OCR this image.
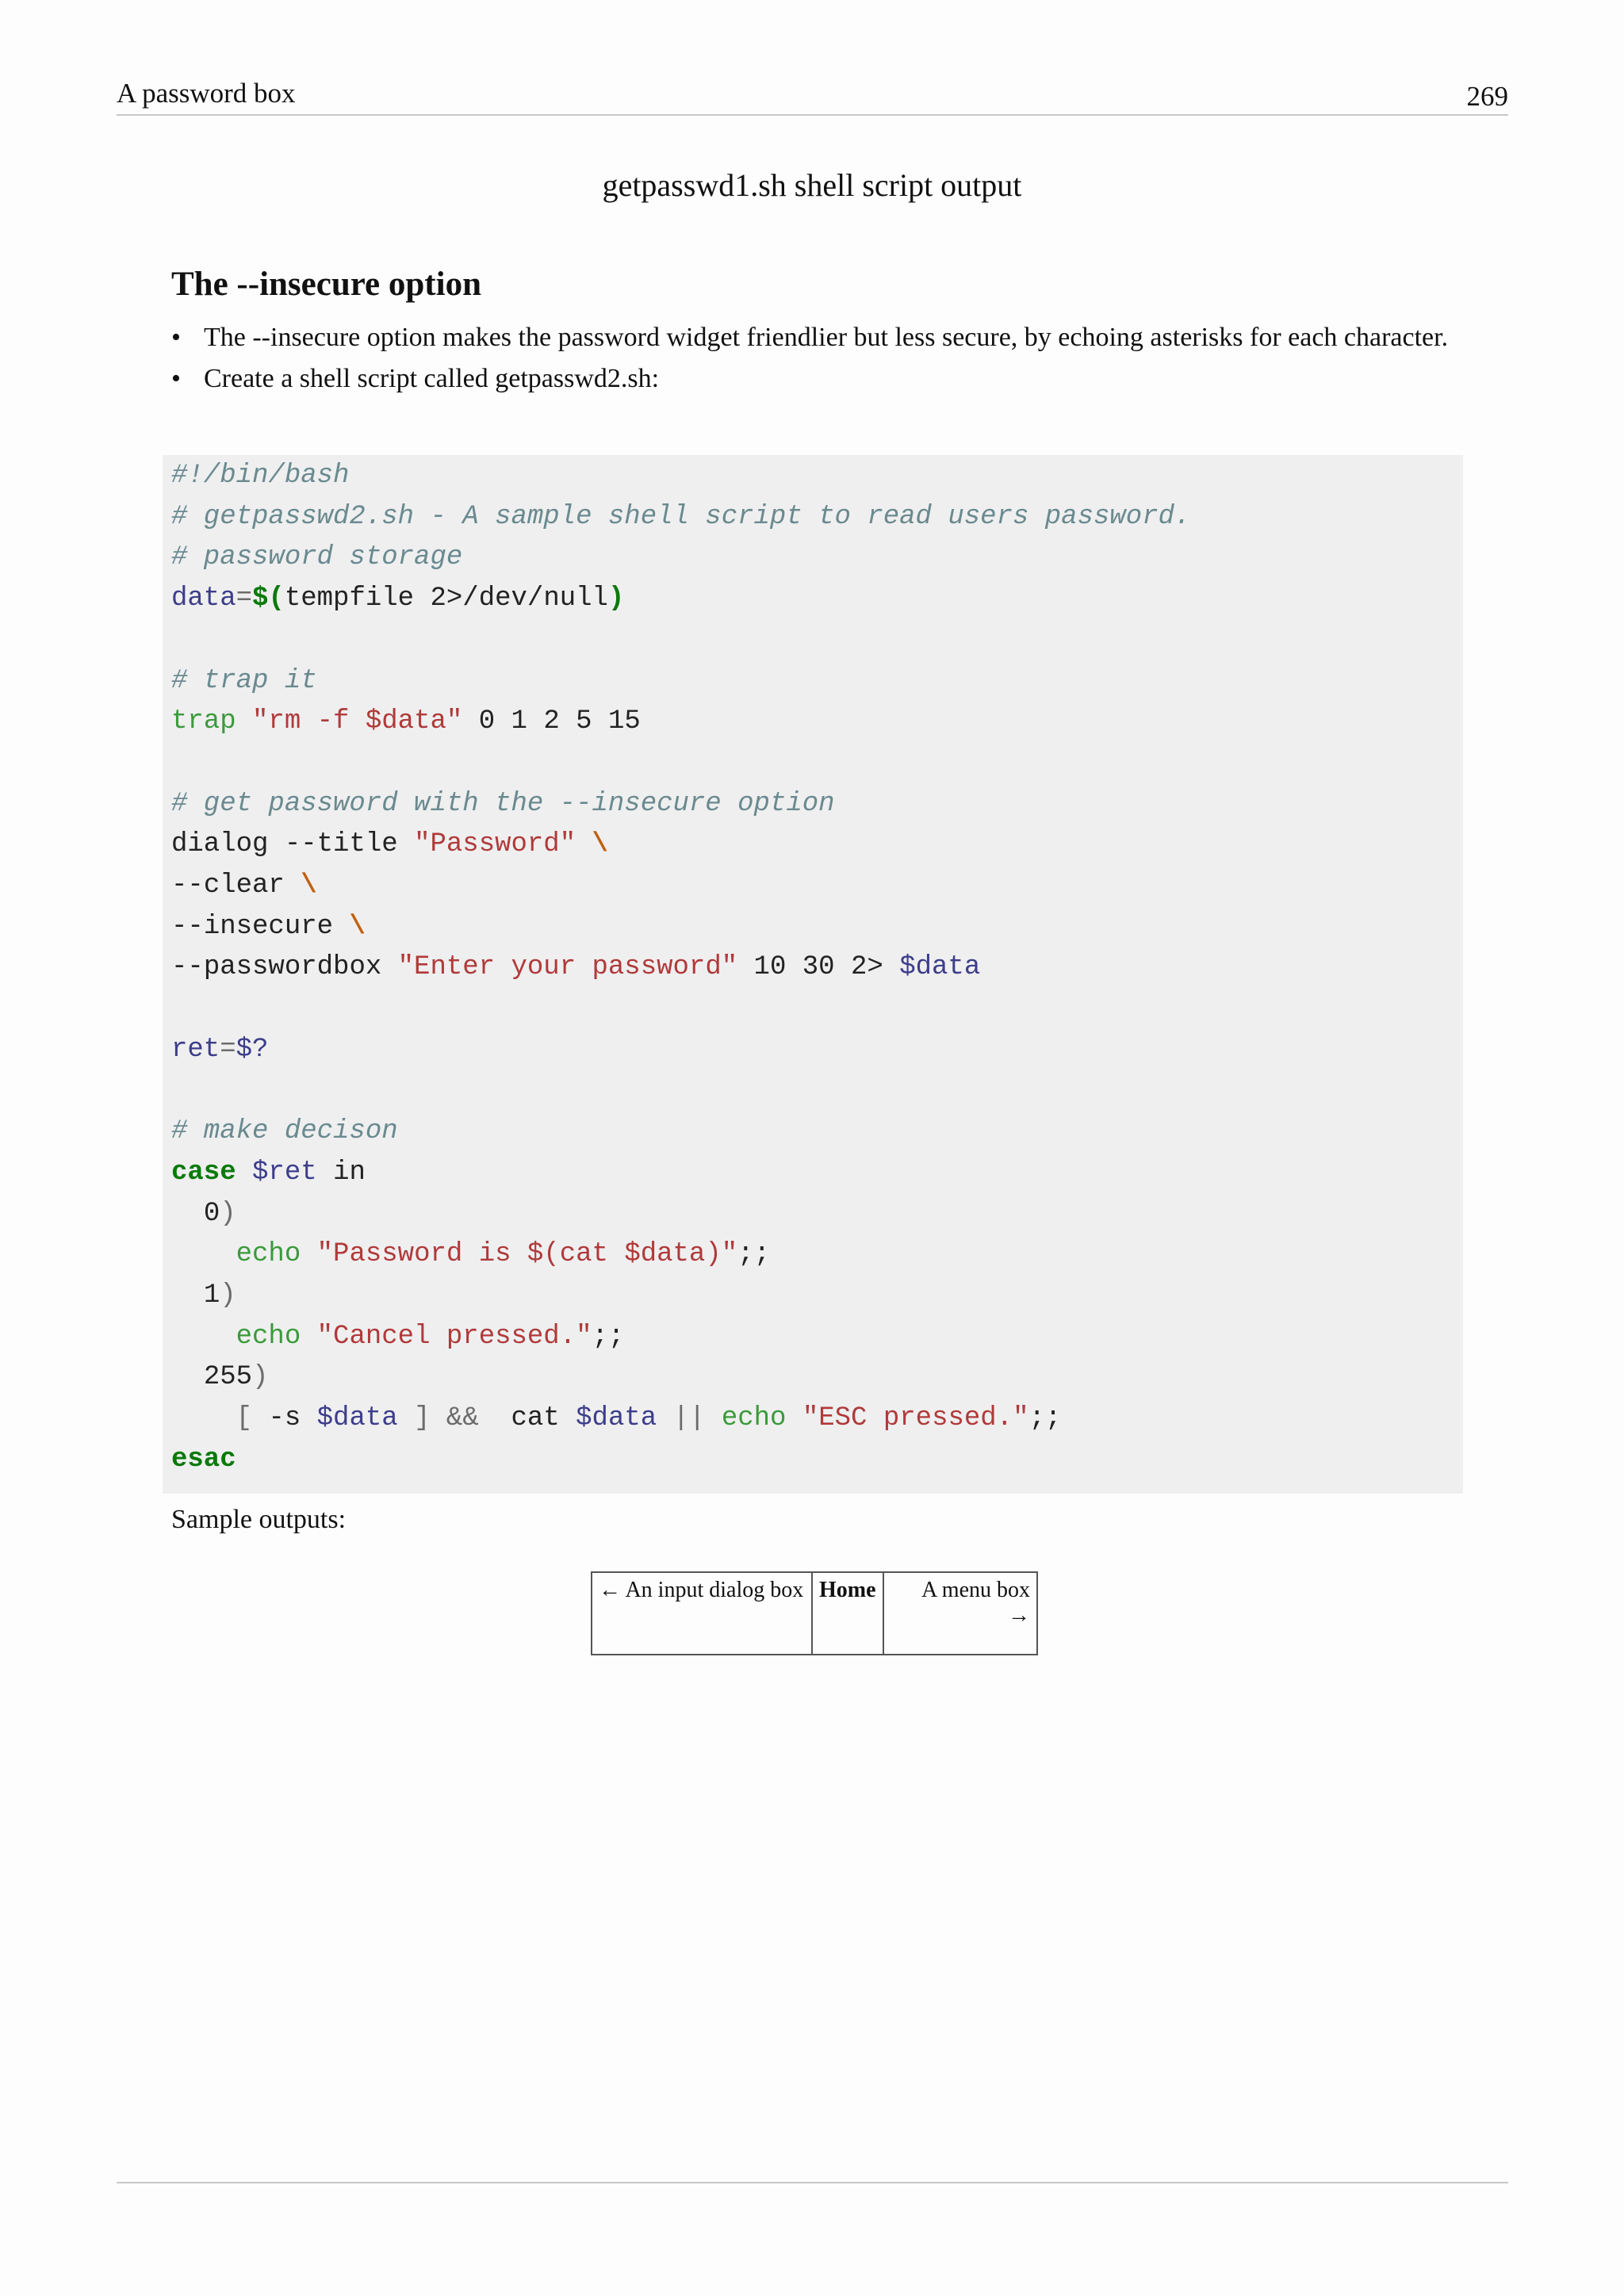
A password box	269
getpasswd1.sh shell script output
The --insecure option
• The --insecure option makes the password widget friendlier but less secure, by echoing asterisks for each character.
• Create a shell script called getpasswd2.sh:
#!/bin/bash
# getpasswd2.sh - A sample shell script to read users password.
# password storage
data=$(tempfile 2>/dev/null)
# trap it
trap "rm -f $data" 0 1 2 5 15
# get password with the --insecure option
dialog --title "Password" \
--clear \
--insecure \
--passwordbox "Enter your password" 10 30 2> $data
ret=$?
# make decison
case $ret in
0)
echo "Password is $(cat $data)";;
1)
echo "Cancel pressed.";;
255)
[ -s $data ] && cat $data || echo "ESC pressed.";;
esac
Sample outputs:
← An input dialog box	Home	A menu box
→
